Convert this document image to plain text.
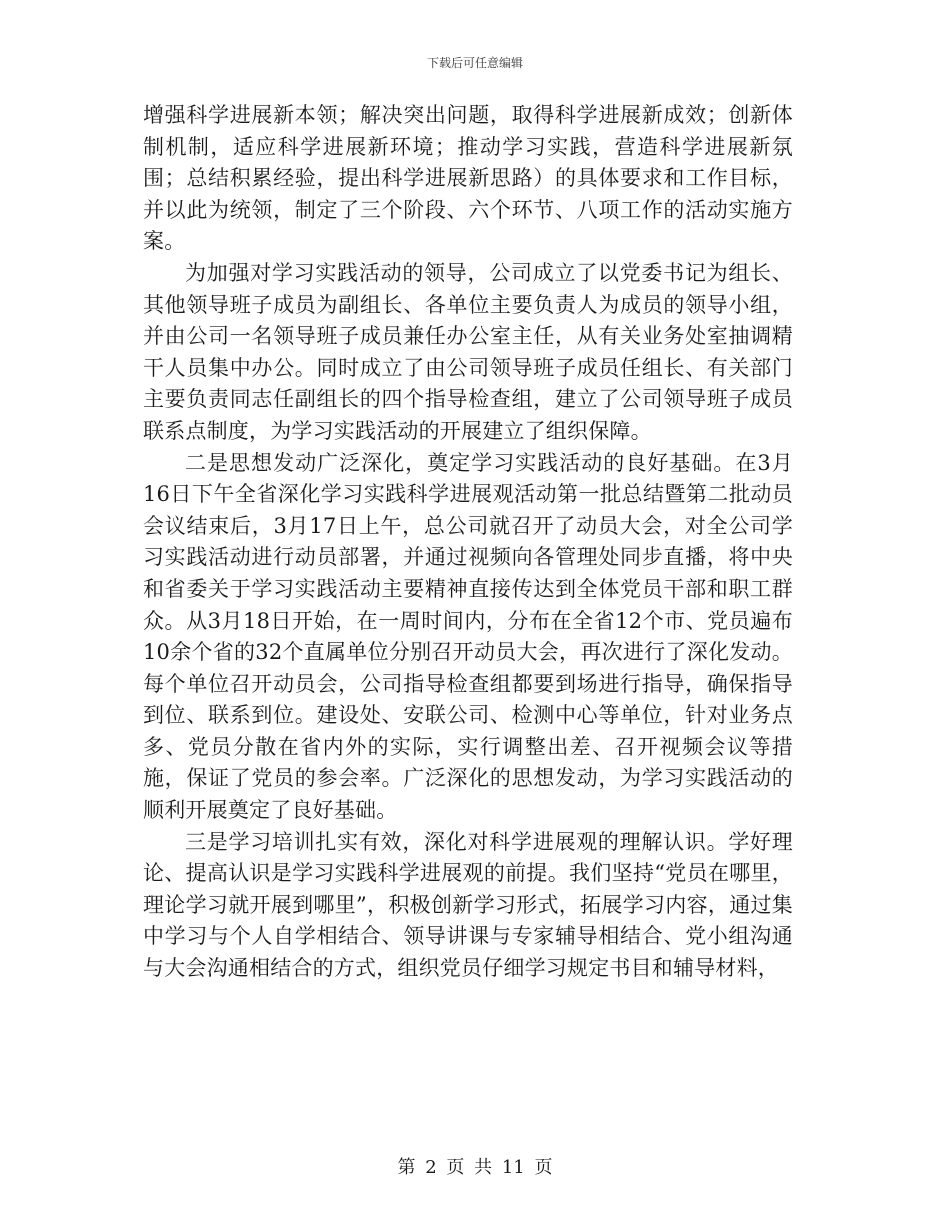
下载后可任意编辑

增强科学进展新本领；解决突出问题，取得科学进展新成效；创新体制机制，适应科学进展新环境；推动学习实践，营造科学进展新氛围；总结积累经验，提出科学进展新思路）的具体要求和工作目标，并以此为统领，制定了三个阶段、六个环节、八项工作的活动实施方案。

为加强对学习实践活动的领导，公司成立了以党委书记为组长、其他领导班子成员为副组长、各单位主要负责人为成员的领导小组，并由公司一名领导班子成员兼任办公室主任，从有关业务处室抽调精干人员集中办公。同时成立了由公司领导班子成员任组长、有关部门主要负责同志任副组长的四个指导检查组，建立了公司领导班子成员联系点制度，为学习实践活动的开展建立了组织保障。

二是思想发动广泛深化，奠定学习实践活动的良好基础。在3月16日下午全省深化学习实践科学进展观活动第一批总结暨第二批动员会议结束后，3月17日上午，总公司就召开了动员大会，对全公司学习实践活动进行动员部署，并通过视频向各管理处同步直播，将中央和省委关于学习实践活动主要精神直接传达到全体党员干部和职工群众。从3月18日开始，在一周时间内，分布在全省12个市、党员遍布10余个省的32个直属单位分别召开动员大会，再次进行了深化发动。每个单位召开动员会，公司指导检查组都要到场进行指导，确保指导到位、联系到位。建设处、安联公司、检测中心等单位，针对业务点多、党员分散在省内外的实际，实行调整出差、召开视频会议等措施，保证了党员的参会率。广泛深化的思想发动，为学习实践活动的顺利开展奠定了良好基础。

三是学习培训扎实有效，深化对科学进展观的理解认识。学好理论、提高认识是学习实践科学进展观的前提。我们坚持“党员在哪里，理论学习就开展到哪里”，积极创新学习形式，拓展学习内容，通过集中学习与个人自学相结合、领导讲课与专家辅导相结合、党小组沟通与大会沟通相结合的方式，组织党员仔细学习规定书目和辅导材料，

第 2 页 共 11 页
